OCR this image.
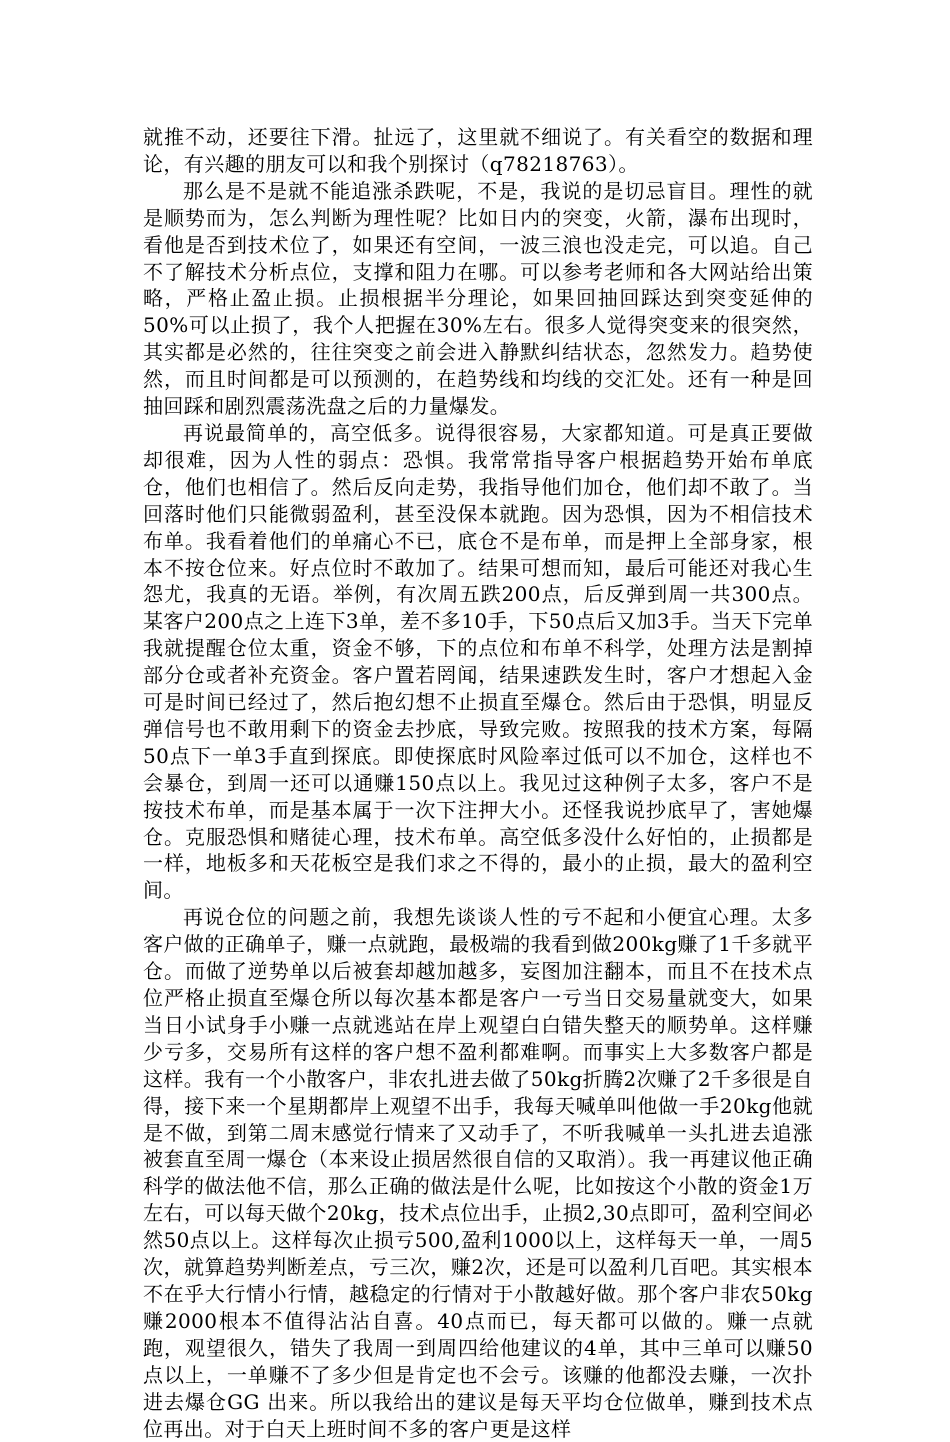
就推不动，还要往下滑。扯远了，这里就不细说了。有关看空的数据和理论，有兴趣的朋友可以和我个别探讨（q78218763）。

那么是不是就不能追涨杀跌呢，不是，我说的是切忌盲目。理性的就是顺势而为，怎么判断为理性呢？比如日内的突变，火箭，瀑布出现时，看他是否到技术位了，如果还有空间，一波三浪也没走完，可以追。自己不了解技术分析点位，支撑和阻力在哪。可以参考老师和各大网站给出策略，严格止盈止损。止损根据半分理论，如果回抽回踩达到突变延伸的50%可以止损了，我个人把握在30%左右。很多人觉得突变来的很突然，其实都是必然的，往往突变之前会进入静默纠结状态，忽然发力。趋势使然，而且时间都是可以预测的，在趋势线和均线的交汇处。还有一种是回抽回踩和剧烈震荡洗盘之后的力量爆发。

再说最简单的，高空低多。说得很容易，大家都知道。可是真正要做却很难，因为人性的弱点：恐惧。我常常指导客户根据趋势开始布单底仓，他们也相信了。然后反向走势，我指导他们加仓，他们却不敢了。当回落时他们只能微弱盈利，甚至没保本就跑。因为恐惧，因为不相信技术布单。我看着他们的单痛心不已，底仓不是布单，而是押上全部身家，根本不按仓位来。好点位时不敢加了。结果可想而知，最后可能还对我心生怨尤，我真的无语。举例，有次周五跌200点，后反弹到周一共300点。某客户200点之上连下3单，差不多10手，下50点后又加3手。当天下完单我就提醒仓位太重，资金不够，下的点位和布单不科学，处理方法是割掉部分仓或者补充资金。客户置若罔闻，结果速跌发生时，客户才想起入金可是时间已经过了，然后抱幻想不止损直至爆仓。然后由于恐惧，明显反弹信号也不敢用剩下的资金去抄底，导致完败。按照我的技术方案，每隔50点下一单3手直到探底。即使探底时风险率过低可以不加仓，这样也不会暴仓，到周一还可以通赚150点以上。我见过这种例子太多，客户不是按技术布单，而是基本属于一次下注押大小。还怪我说抄底早了，害她爆仓。克服恐惧和赌徒心理，技术布单。高空低多没什么好怕的，止损都是一样，地板多和天花板空是我们求之不得的，最小的止损，最大的盈利空间。

再说仓位的问题之前，我想先谈谈人性的亏不起和小便宜心理。太多客户做的正确单子，赚一点就跑，最极端的我看到做200kg赚了1千多就平仓。而做了逆势单以后被套却越加越多，妄图加注翻本，而且不在技术点位严格止损直至爆仓所以每次基本都是客户一亏当日交易量就变大，如果当日小试身手小赚一点就逃站在岸上观望白白错失整天的顺势单。这样赚少亏多，交易所有这样的客户想不盈利都难啊。而事实上大多数客户都是这样。我有一个小散客户，非农扎进去做了50kg折腾2次赚了2千多很是自得，接下来一个星期都岸上观望不出手，我每天喊单叫他做一手20kg他就是不做，到第二周末感觉行情来了又动手了，不听我喊单一头扎进去追涨被套直至周一爆仓（本来设止损居然很自信的又取消）。我一再建议他正确科学的做法他不信，那么正确的做法是什么呢，比如按这个小散的资金1万左右，可以每天做个20kg，技术点位出手，止损2,30点即可，盈利空间必然50点以上。这样每次止损亏500,盈利1000以上，这样每天一单，一周5次，就算趋势判断差点，亏三次，赚2次，还是可以盈利几百吧。其实根本不在乎大行情小行情，越稳定的行情对于小散越好做。那个客户非农50kg赚2000根本不值得沾沾自喜。40点而已，每天都可以做的。赚一点就跑，观望很久，错失了我周一到周四给他建议的4单，其中三单可以赚50点以上，一单赚不了多少但是肯定也不会亏。该赚的他都没去赚，一次扑进去爆仓GG 出来。所以我给出的建议是每天平均仓位做单，赚到技术点位再出。对于白天上班时间不多的客户更是这样
